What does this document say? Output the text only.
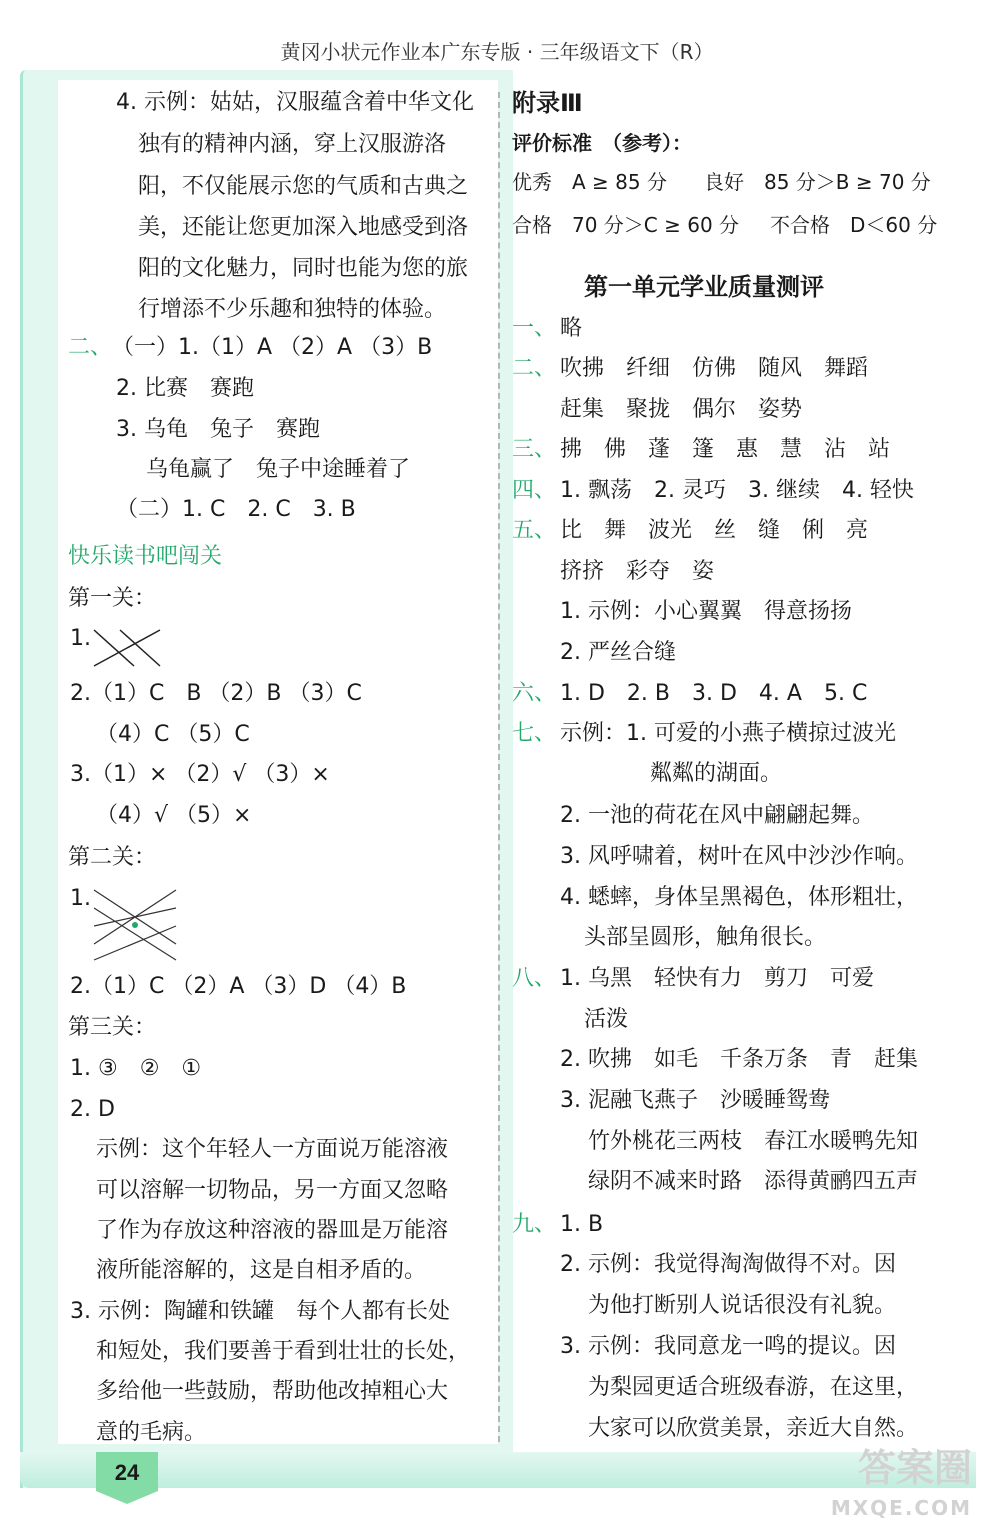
24
黄冈小状元作业本广东专版 · 三年级语文下（R）
4. 示例：姑姑，汉服蕴含着中华文化
独有的精神内涵，穿上汉服游洛
阳，不仅能展示您的气质和古典之
美，还能让您更加深入地感受到洛
阳的文化魅力，同时也能为您的旅
行增添不少乐趣和独特的体验。
二、 （一）1.（1）A （2）A （3）B
2. 比赛　赛跑
3. 乌龟　兔子　赛跑
乌龟赢了　兔子中途睡着了
（二）1. C　2. C　3. B
快乐读书吧闯关
第一关：
1.
2.（1）C　B （2）B （3）C
（4）C （5）C
3.（1）× （2）√ （3）×
（4）√ （5）×
第二关：
1.
2.（1）C （2）A （3）D （4）B
第三关：
1. ③　②　①
2. D
示例：这个年轻人一方面说万能溶液
可以溶解一切物品，另一方面又忽略
了作为存放这种溶液的器皿是万能溶
液所能溶解的，这是自相矛盾的。
3. 示例：陶罐和铁罐　每个人都有长处
和短处，我们要善于看到壮壮的长处，
多给他一些鼓励，帮助他改掉粗心大
意的毛病。
附录Ⅲ
评价标准　（参考）：
优秀　A ≥ 85 分 良好　85 分＞B ≥ 70 分
合格　70 分＞C ≥ 60 分 不合格　D＜60 分
第一单元学业质量测评
一、 略
二、 吹拂　纤细　仿佛　随风　舞蹈
赶集　聚拢　偶尔　姿势
三、 拂　佛　蓬　篷　惠　慧　沾　站
四、 1. 飘荡　2. 灵巧　3. 继续　4. 轻快
五、 比　舞　波光　丝　缝　俐　亮
挤挤　彩夺　姿
1. 示例：小心翼翼　得意扬扬
2. 严丝合缝
六、 1. D　2. B　3. D　4. A　5. C
七、 示例：1. 可爱的小燕子横掠过波光
粼粼的湖面。
2. 一池的荷花在风中翩翩起舞。
3. 风呼啸着，树叶在风中沙沙作响。
4. 蟋蟀，身体呈黑褐色，体形粗壮，
头部呈圆形，触角很长。
八、 1. 乌黑　轻快有力　剪刀　可爱
活泼
2. 吹拂　如毛　千条万条　青　赶集
3. 泥融飞燕子　沙暖睡鸳鸯
竹外桃花三两枝　春江水暖鸭先知
绿阴不减来时路　添得黄鹂四五声
九、 1. B
2. 示例：我觉得淘淘做得不对。因
为他打断别人说话很没有礼貌。
3. 示例：我同意龙一鸣的提议。因
为梨园更适合班级春游，在这里，
大家可以欣赏美景，亲近大自然。
答案圈
MXQE.COM
